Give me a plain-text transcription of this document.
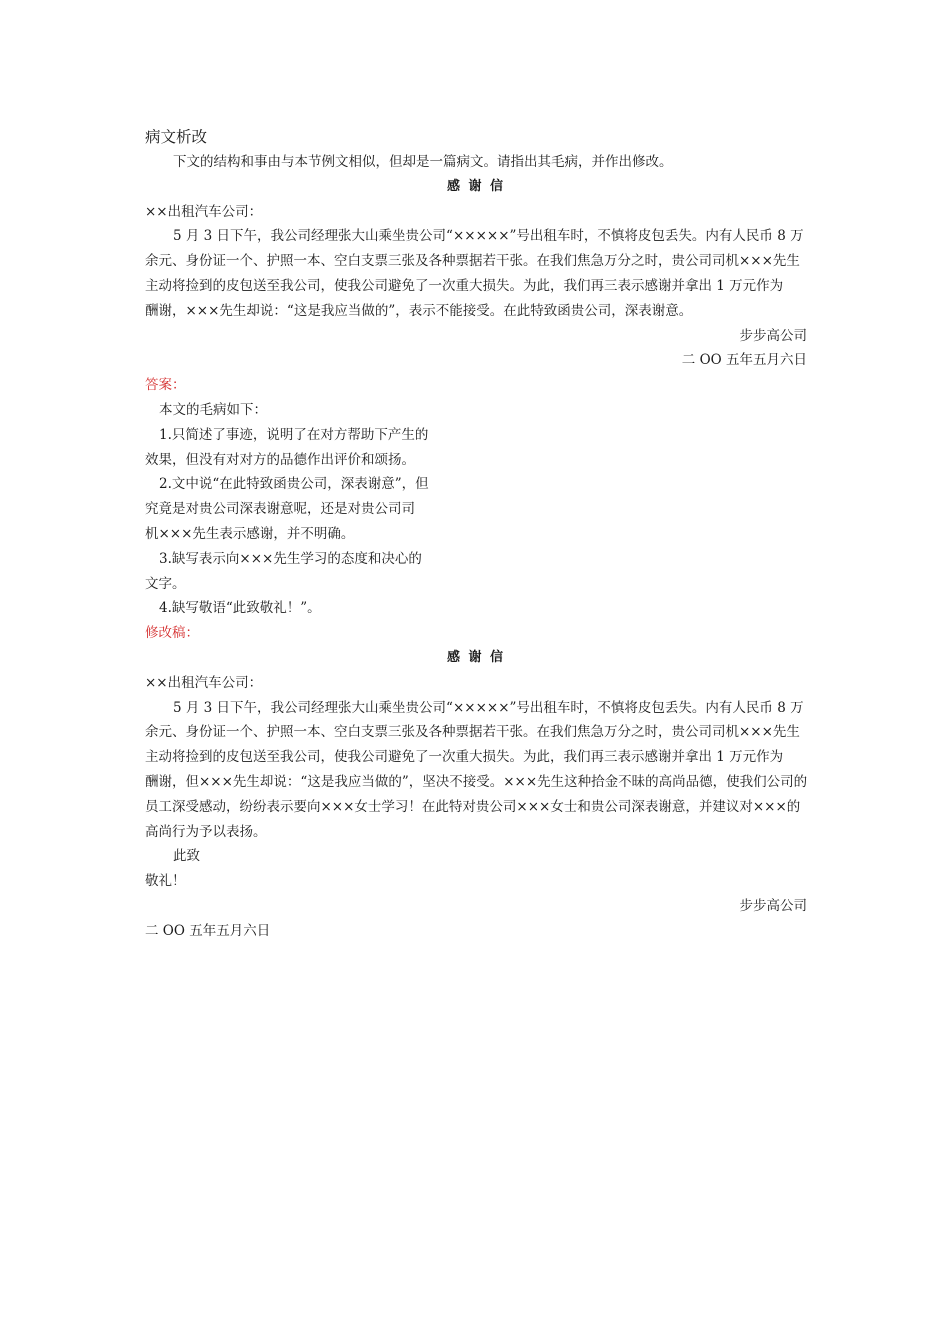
病文析改
下文的结构和事由与本节例文相似，但却是一篇病文。请指出其毛病，并作出修改。
感 谢 信
××出租汽车公司：
5 月 3 日下午，我公司经理张大山乘坐贵公司“×××××”号出租车时，不慎将皮包丢失。内有人民币 8 万
余元、身份证一个、护照一本、空白支票三张及各种票据若干张。在我们焦急万分之时，贵公司司机×××先生
主动将捡到的皮包送至我公司，使我公司避免了一次重大损失。为此，我们再三表示感谢并拿出 1 万元作为
酬谢，×××先生却说：“这是我应当做的”，表示不能接受。在此特致函贵公司，深表谢意。
步步高公司
二 OO 五年五月六日
答案：
本文的毛病如下：
1.只简述了事迹，说明了在对方帮助下产生的
效果，但没有对对方的品德作出评价和颂扬。
2.文中说“在此特致函贵公司，深表谢意”，但
究竟是对贵公司深表谢意呢，还是对贵公司司
机×××先生表示感谢，并不明确。
3.缺写表示向×××先生学习的态度和决心的
文字。
4.缺写敬语“此致敬礼！”。
修改稿：
感 谢 信
××出租汽车公司：
5 月 3 日下午，我公司经理张大山乘坐贵公司“×××××”号出租车时，不慎将皮包丢失。内有人民币 8 万
余元、身份证一个、护照一本、空白支票三张及各种票据若干张。在我们焦急万分之时，贵公司司机×××先生
主动将捡到的皮包送至我公司，使我公司避免了一次重大损失。为此，我们再三表示感谢并拿出 1 万元作为
酬谢，但×××先生却说：“这是我应当做的”，坚决不接受。×××先生这种拾金不昧的高尚品德，使我们公司的
员工深受感动，纷纷表示要向×××女士学习！在此特对贵公司×××女士和贵公司深表谢意，并建议对×××的
高尚行为予以表扬。
此致
敬礼！
步步高公司
二 OO 五年五月六日
